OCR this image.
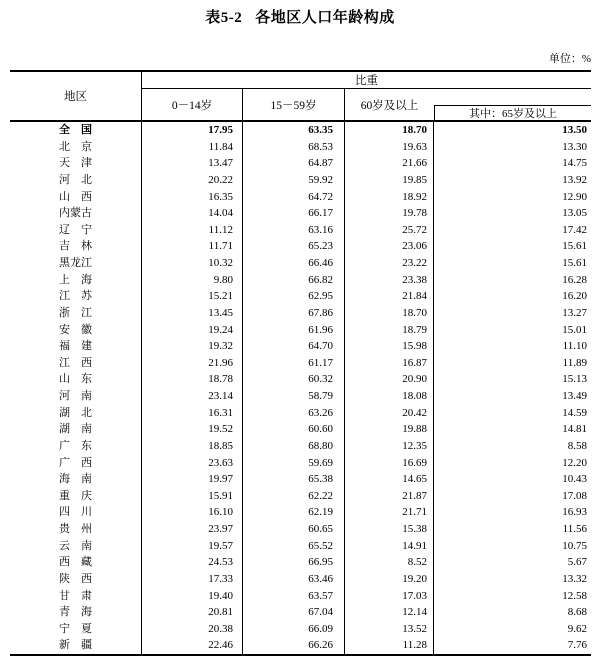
表5-2 各地区人口年龄构成
单位：%
地区
比重
0－14岁	15－59岁	60岁及以上
其中：65岁及以上
全　国	17.95	63.35	18.70	13.50
北　京	11.84	68.53	19.63	13.30
天　津	13.47	64.87	21.66	14.75
河　北	20.22	59.92	19.85	13.92
山　西	16.35	64.72	18.92	12.90
内蒙古	14.04	66.17	19.78	13.05
辽　宁	11.12	63.16	25.72	17.42
吉　林	11.71	65.23	23.06	15.61
黑龙江	10.32	66.46	23.22	15.61
上　海	9.80	66.82	23.38	16.28
江　苏	15.21	62.95	21.84	16.20
浙　江	13.45	67.86	18.70	13.27
安　徽	19.24	61.96	18.79	15.01
福　建	19.32	64.70	15.98	11.10
江　西	21.96	61.17	16.87	11.89
山　东	18.78	60.32	20.90	15.13
河　南	23.14	58.79	18.08	13.49
湖　北	16.31	63.26	20.42	14.59
湖　南	19.52	60.60	19.88	14.81
广　东	18.85	68.80	12.35	8.58
广　西	23.63	59.69	16.69	12.20
海　南	19.97	65.38	14.65	10.43
重　庆	15.91	62.22	21.87	17.08
四　川	16.10	62.19	21.71	16.93
贵　州	23.97	60.65	15.38	11.56
云　南	19.57	65.52	14.91	10.75
西　藏	24.53	66.95	8.52	5.67
陕　西	17.33	63.46	19.20	13.32
甘　肃	19.40	63.57	17.03	12.58
青　海	20.81	67.04	12.14	8.68
宁　夏	20.38	66.09	13.52	9.62
新　疆	22.46	66.26	11.28	7.76
